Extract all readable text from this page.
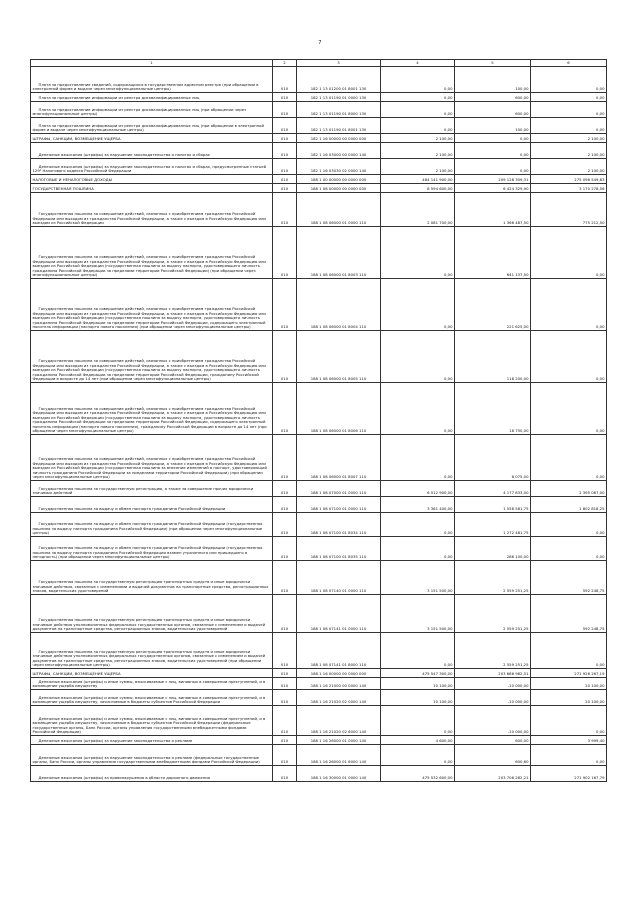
7
1	2	3	4	5	6
Плата за предоставление сведений, содержащихся в государственном адресном реестре (при обращении в электронной форме и выдаче через многофункциональные центры)	010	182 1 13 01200 01 8001 130	0,00	100,00	0,00
Плата за предоставление информации из реестра дисквалифицированных лиц	010	182 1 13 01190 01 0000 130	0,00	600,00	0,00
Плата за предоставление информации из реестра дисквалифицированных лиц (при обращении через многофункциональные центры)	010	182 1 13 01190 01 8000 130	0,00	600,00	0,00
Плата за предоставление информации из реестра дисквалифицированных лиц (при обращении в электронной форме и выдаче через многофункциональные центры)	010	182 1 13 01190 01 8001 130	0,00	100,00	0,00
ШТРАФЫ, САНКЦИИ, ВОЗМЕЩЕНИЕ УЩЕРБА	010	182 1 16 00000 00 0000 000	2 100,00	0,00	2 100,00
Денежные взыскания (штрафы) за нарушение законодательства о налогах и сборах	010	182 1 16 03000 00 0000 140	2 100,00	0,00	2 100,00
Денежные взыскания (штрафы) за нарушение законодательства о налогах и сборах, предусмотренные статьей 129² Налогового кодекса Российской Федерации	010	182 1 16 03030 02 0000 140	2 100,00	0,00	2 100,00
НАЛОГОВЫЕ И НЕНАЛОГОВЫЕ ДОХОДЫ	010	188 1 00 00000 00 0000 000	484 141 900,00	209 128 309,31	275 096 549,83
ГОСУДАРСТВЕННАЯ ПОШЛИНА	010	188 1 08 00000 00 0000 000	8 594 600,00	6 424 329,90	3 170 278,56
Государственная пошлина за совершение действий, связанных с приобретением гражданства Российской Федерации или выходом из гражданства Российской Федерации, а также с въездом в Российскую Федерацию или выездом из Российской Федерации	010	188 1 08 06000 01 0000 110	2 081 700,00	1 366 487,50	775 212,50
Государственная пошлина за совершение действий, связанных с приобретением гражданства Российской Федерации или выходом из гражданства Российской Федерации, а также с въездом в Российскую Федерацию или выездом из Российской Федерации (государственная пошлина за выдачу паспорта, удостоверяющего личность гражданина Российской Федерации за пределами территории Российской Федерации) (при обращении через многофункциональные центры)	010	188 1 08 06000 01 8003 110	0,00	641 137,50	0,00
Государственная пошлина за совершение действий, связанных с приобретением гражданства Российской Федерации или выходом из гражданства Российской Федерации, а также с въездом в Российскую Федерацию или выездом из Российской Федерации (государственная пошлина за выдачу паспорта, удостоверяющего личность гражданина Российской Федерации за пределами территории Российской Федерации, содержащего электронный носитель информации (паспорта нового поколения) (при обращении через многофункциональные центры)	010	188 1 08 06000 01 8004 110	0,00	221 625,00	0,00
Государственная пошлина за совершение действий, связанных с приобретением гражданства Российской Федерации или выходом из гражданства Российской Федерации, а также с въездом в Российскую Федерацию или выездом из Российской Федерации (государственная пошлина за выдачу паспорта, удостоверяющего личность гражданина Российской Федерации за пределами территории Российской Федерации, гражданину Российской Федерации в возрасте до 14 лет (при обращении через многофункциональные центры)	010	188 1 08 06000 01 8005 110	0,00	118 200,00	0,00
Государственная пошлина за совершение действий, связанных с приобретением гражданства Российской Федерации или выходом из гражданства Российской Федерации, а также с въездом в Российскую Федерацию или выездом из Российской Федерации (государственная пошлина за выдачу паспорта, удостоверяющего личность гражданина Российской Федерации за пределами территории Российской Федерации, содержащего электронный носитель информации (паспорта нового поколения), гражданину Российской Федерации в возрасте до 14 лет (при обращении через многофункциональные центры)	010	188 1 08 06000 01 8006 110	0,00	18 750,00	0,00
Государственная пошлина за совершение действий, связанных с приобретением гражданства Российской Федерации или выходом из гражданства Российской Федерации, а также с въездом в Российскую Федерацию или выездом из Российской Федерации (государственная пошлина за внесение изменений в паспорт, удостоверяющий личность гражданина Российской Федерации за пределами территории Российской Федерации) (при обращении через многофункциональные центры)	010	188 1 08 06000 01 8007 110	0,00	6 075,00	0,00
Государственная пошлина за государственную регистрацию, а также за совершение прочих юридически значимых действий	010	188 1 08 07000 01 0000 110	6 512 900,00	4 177 833,00	2 395 067,00
Государственная пошлина за выдачу и обмен паспорта гражданина Российской Федерации	010	188 1 08 07100 01 0000 110	3 361 400,00	1 558 581,75	1 802 818,25
Государственная пошлина за выдачу и обмен паспорта гражданина Российской Федерации (государственная пошлина за выдачу паспорта гражданина Российской Федерации) (при обращении через многофункциональные центры)	010	188 1 08 07100 01 8034 110	0,00	1 272 481,75	0,00
Государственная пошлина за выдачу и обмен паспорта гражданина Российской Федерации (государственная пошлина за выдачу паспорта гражданина Российской Федерации взамен утраченного или пришедшего в негодность) (при обращении через многофункциональные центры)	010	188 1 08 07100 01 8035 110	0,00	286 100,00	0,00
Государственная пошлина за государственную регистрацию транспортных средств и иные юридически значимые действия, связанные с изменениями и выдачей документов на транспортные средства, регистрационных знаков, водительских удостоверений	010	188 1 08 07140 01 0000 110	3 151 500,00	2 559 251,25	592 248,75
Государственная пошлина за государственную регистрацию транспортных средств и иные юридически значимые действия уполномоченных федеральных государственных органов, связанные с изменением и выдачей документов на транспортные средства, регистрационных знаков, водительских удостоверений	010	188 1 08 07141 01 0000 110	3 151 500,00	2 559 251,25	592 248,75
Государственная пошлина за государственную регистрацию транспортных средств и иные юридически значимые действия уполномоченных федеральных государственных органов, связанные с изменением и выдачей документов на транспортные средства, регистрационных знаков, водительских удостоверений (при обращении через многофункциональные центры)	010	188 1 08 07141 01 8000 110	0,00	2 559 251,25	0,00
ШТРАФЫ, САНКЦИИ, ВОЗМЕЩЕНИЕ УЩЕРБА	010	188 1 16 00000 00 0000 000	475 547 300,00	203 686 982,51	271 926 267,19
Денежные взыскания (штрафы) и иные суммы, взыскиваемые с лиц, виновных в совершении преступлений, и в возмещение ущерба имуществу	010	188 1 16 21000 00 0000 140	10 100,00	-10 000,00	20 100,00
Денежные взыскания (штрафы) и иные суммы, взыскиваемые с лиц, виновных в совершении преступлений, и в возмещение ущерба имуществу, зачисляемые в бюджеты субъектов Российской Федерации	010	188 1 16 21020 02 0000 140	10 100,00	-10 000,00	20 100,00
Денежные взыскания (штрафы) и иные суммы, взыскиваемые с лиц, виновных в совершении преступлений, и в возмещение ущерба имуществу, зачисляемые в бюджеты субъектов Российской Федерации (федеральные государственные органы, Банк России, органы управления государственными внебюджетными фондами Российской Федерации)	010	188 1 16 21020 02 6000 140	0,00	-10 000,00	0,00
Денежные взыскания (штрафы) за нарушение законодательства о рекламе	010	188 1 16 26000 01 0000 140	4 600,00	600,00	3 999,40
Денежные взыскания (штрафы) за нарушение законодательства о рекламе (федеральные государственные органы, Банк России, органы управления государственными внебюджетными фондами Российской Федерации)	010	188 1 16 26000 01 6000 140	0,00	600,60	0,00
Денежные взыскания (штрафы) за правонарушения в области дорожного движения	010	188 1 16 30000 01 0000 140	475 532 600,00	203 706 282,21	271 902 167,79
